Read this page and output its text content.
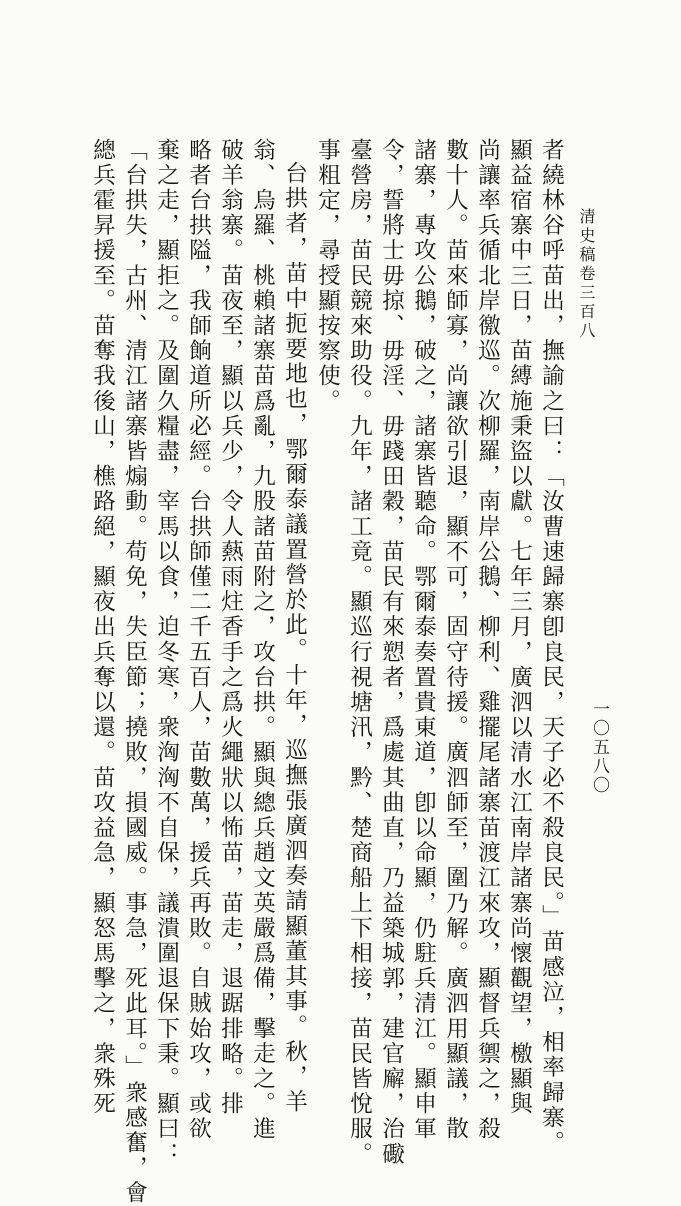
清史稿卷三百八
一〇五八〇
者繞林谷呼苗出，撫諭之曰：「汝曹速歸寨卽良民，天子必不殺良民。」苗感泣，相率歸寨。
顯益宿寨中三日，苗縛施秉盜以獻。七年三月，廣泗以清水江南岸諸寨尚懷觀望，檄顯與
尚讓率兵循北岸徼巡。次柳羅，南岸公鵝、柳利、雞擺尾諸寨苗渡江來攻，顯督兵禦之，殺
數十人。苗來師寡，尚讓欲引退，顯不可，固守待援。廣泗師至，圍乃解。廣泗用顯議，散
諸寨，專攻公鵝，破之，諸寨皆聽命。鄂爾泰奏置貴東道，卽以命顯，仍駐兵清江。顯申軍
令，誓將士毋掠、毋淫、毋踐田穀，苗民有來愬者，爲處其曲直，乃益築城郭，建官廨，治礮
臺營房，苗民競來助役。九年，諸工竟。顯巡行視塘汛，黔、楚商船上下相接，苗民皆悅服。
事粗定，尋授顯按察使。
台拱者，苗中扼要地也，鄂爾泰議置營於此。十年，巡撫張廣泗奏請顯董其事。秋，羊
翁、烏羅、桃賴諸寨苗爲亂，九股諸苗附之，攻台拱。顯與總兵趙文英嚴爲備，擊走之。進
破羊翁寨。苗夜至，顯以兵少，令人爇雨炷香手之爲火繩狀以怖苗，苗走，退踞排略。排
略者台拱隘，我師餉道所必經。台拱師僅二千五百人，苗數萬，援兵再敗。自賊始攻，或欲
棄之走，顯拒之。及圍久糧盡，宰馬以食，迫冬寒，衆洶洶不自保，議潰圍退保下秉。顯曰：
「台拱失，古州、清江諸寨皆煽動。苟免，失臣節；撓敗，損國威。事急，死此耳。」衆感奮，會
總兵霍昇援至。苗奪我後山，樵路絕，顯夜出兵奪以還。苗攻益急，顯怒馬擊之，衆殊死
